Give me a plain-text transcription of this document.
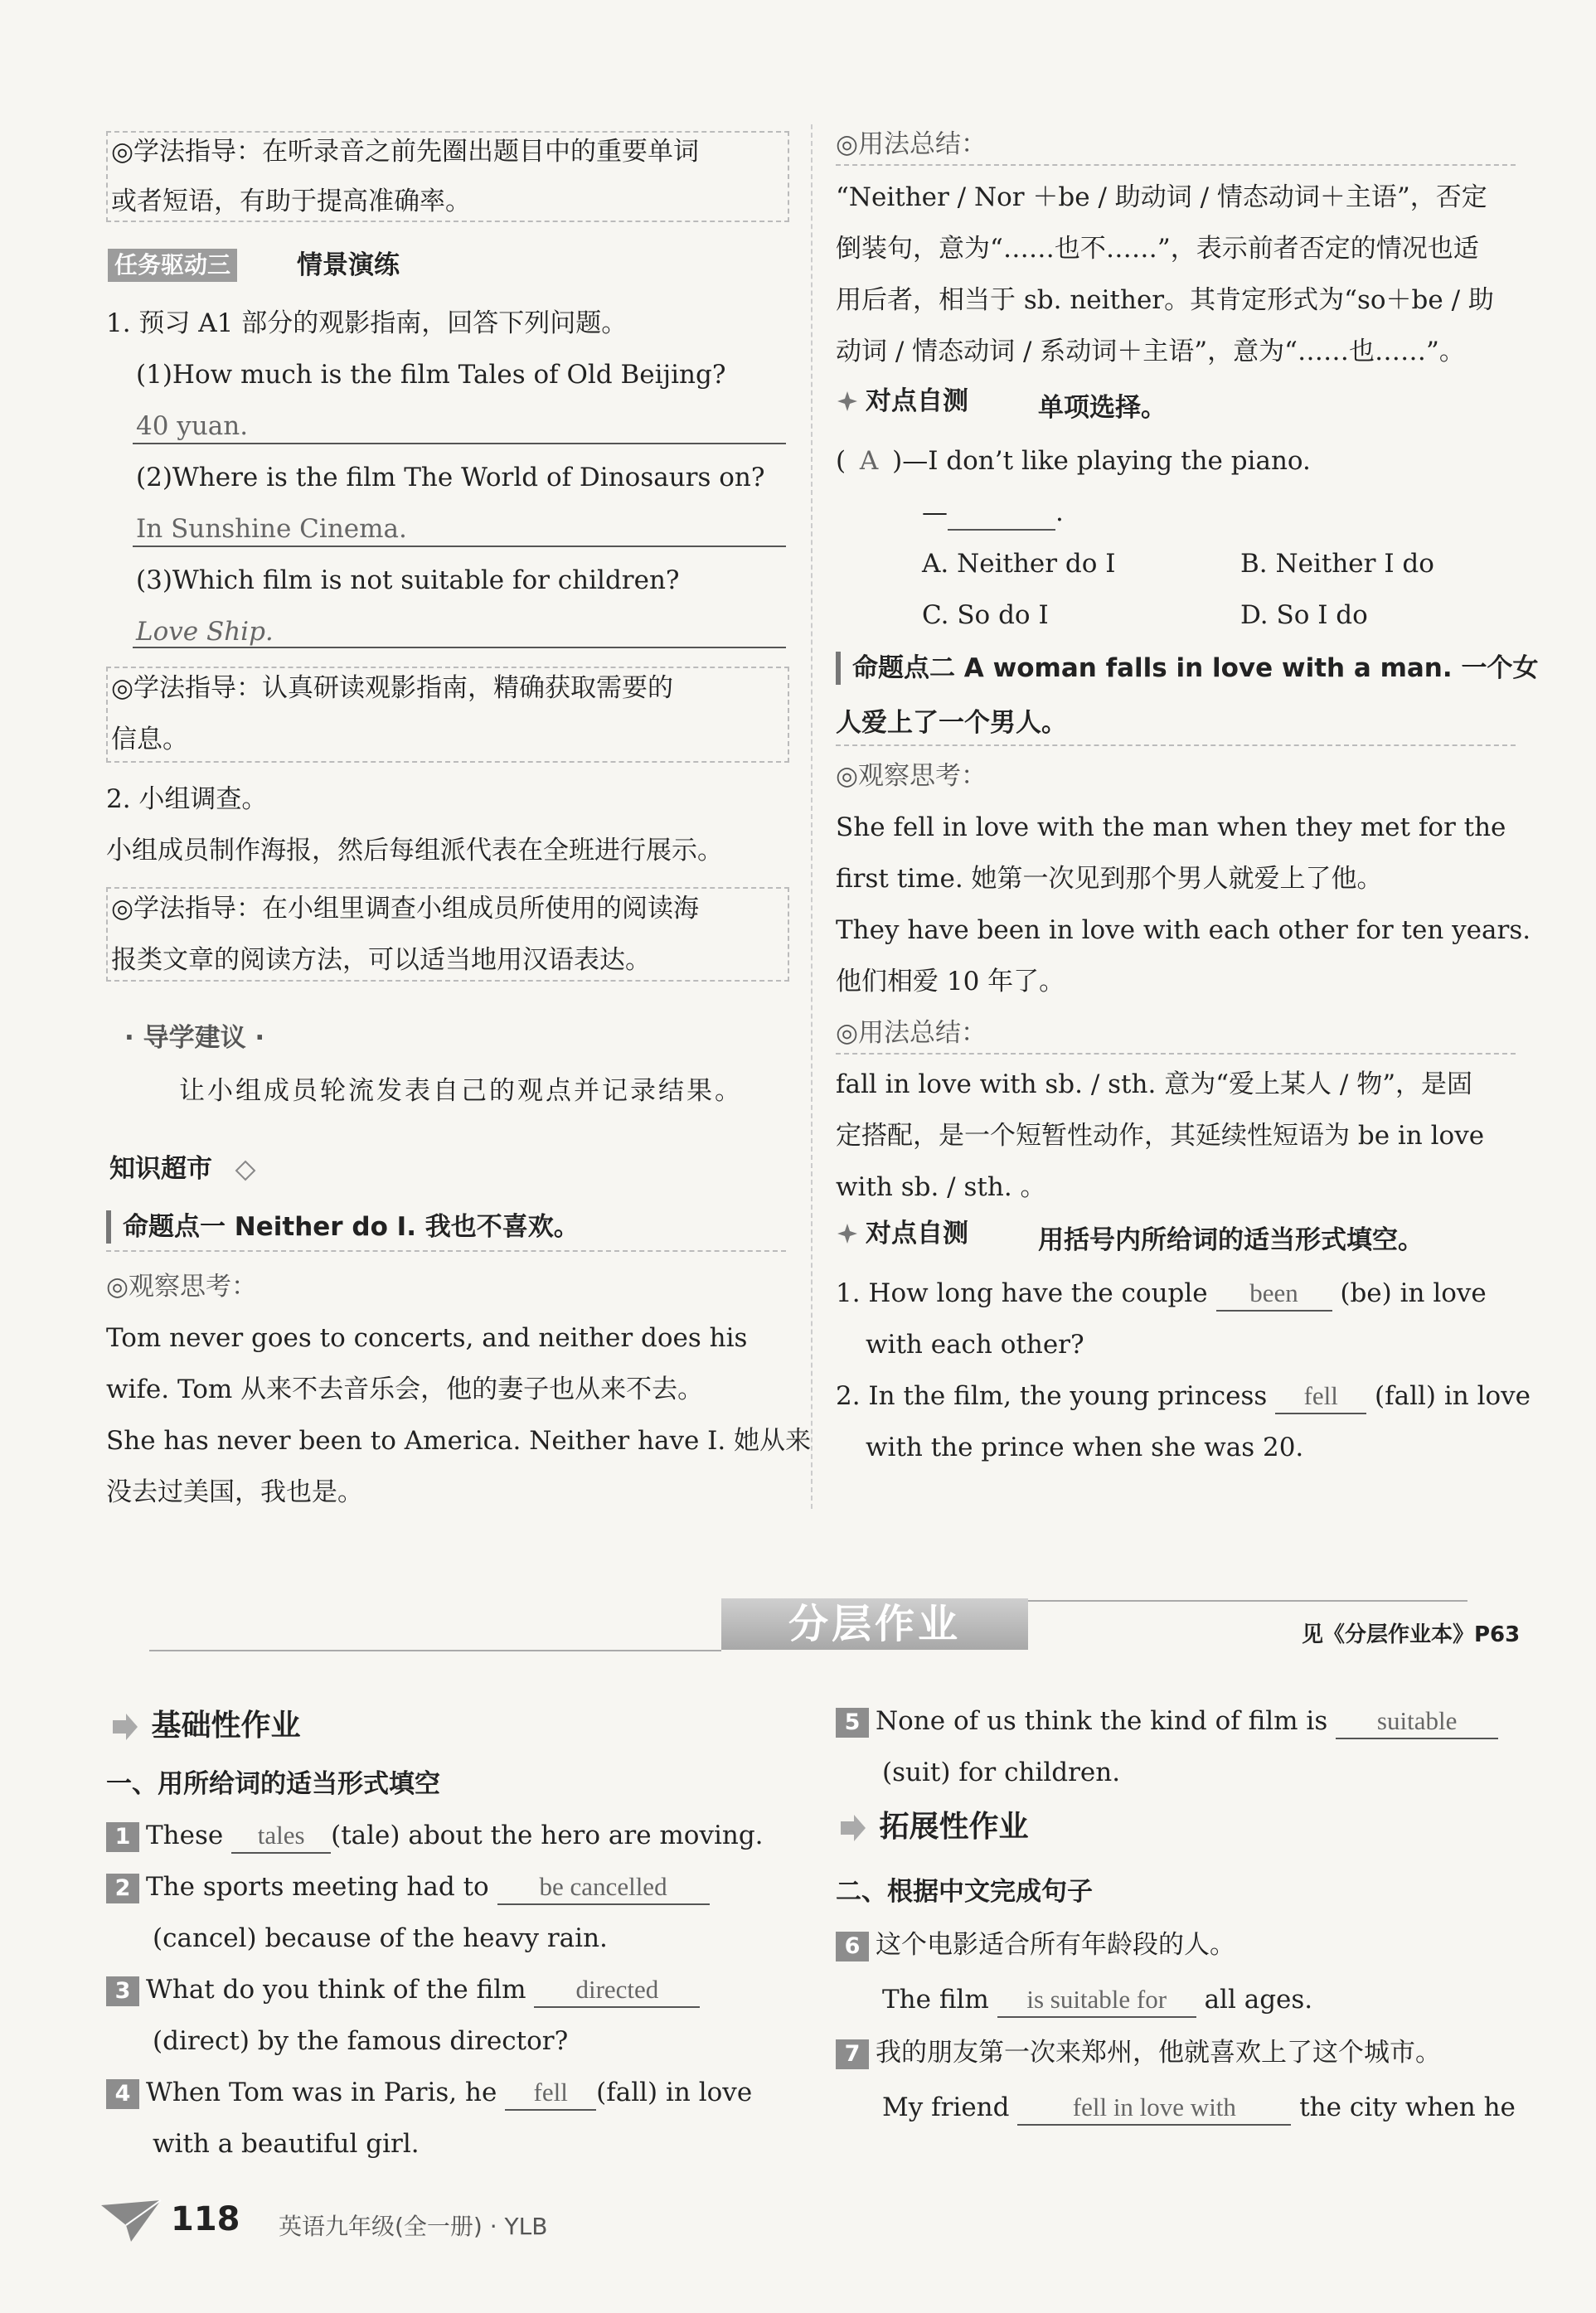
◎学法指导：在听录音之前先圈出题目中的重要单词
或者短语，有助于提高准确率。
任务驱动三	情景演练
1. 预习 A1 部分的观影指南，回答下列问题。
(1)How much is the film Tales of Old Beijing?
40 yuan.
(2)Where is the film The World of Dinosaurs on?
In Sunshine Cinema.
(3)Which film is not suitable for children?
Love Ship.
◎学法指导：认真研读观影指南，精确获取需要的
信息。
2. 小组调查。
小组成员制作海报，然后每组派代表在全班进行展示。
◎学法指导：在小组里调查小组成员所使用的阅读海
报类文章的阅读方法，可以适当地用汉语表达。
· 导学建议 ·
让小组成员轮流发表自己的观点并记录结果。
知识超市
命题点一 Neither do I. 我也不喜欢。
◎观察思考：
Tom never goes to concerts, and neither does his
wife. Tom 从来不去音乐会，他的妻子也从来不去。
She has never been to America. Neither have I. 她从来
没去过美国，我也是。
◎用法总结：
“Neither / Nor ＋be / 助动词 / 情态动词＋主语”，否定
倒装句，意为“……也不……”，表示前者否定的情况也适
用后者，相当于 sb. neither。其肯定形式为“so＋be / 助
动词 / 情态动词 / 系动词＋主语”，意为“……也……”。
对点自测	单项选择。
( A )—I don’t like playing the piano.
—	.
A. Neither do I	B. Neither I do
C. So do I	D. So I do
命题点二 A woman falls in love with a man. 一个女
人爱上了一个男人。
◎观察思考：
She fell in love with the man when they met for the
first time. 她第一次见到那个男人就爱上了他。
They have been in love with each other for ten years.
他们相爱 10 年了。
◎用法总结：
fall in love with sb. / sth. 意为“爱上某人 / 物”，是固
定搭配，是一个短暂性动作，其延续性短语为 be in love
with sb. / sth. 。
对点自测	用括号内所给词的适当形式填空。
1. How long have the couple been (be) in love
with each other?
2. In the film, the young princess fell (fall) in love
with the prince when she was 20.
分层作业	见《分层作业本》P63
基础性作业
一、用所给词的适当形式填空
1 These tales (tale) about the hero are moving.
2 The sports meeting had to be cancelled
(cancel) because of the heavy rain.
3 What do you think of the film directed
(direct) by the famous director?
4 When Tom was in Paris, he fell (fall) in love
with a beautiful girl.
5 None of us think the kind of film is suitable
(suit) for children.
拓展性作业
二、根据中文完成句子
6 这个电影适合所有年龄段的人。
The film is suitable for all ages.
7 我的朋友第一次来郑州，他就喜欢上了这个城市。
My friend fell in love with the city when he
118 英语九年级(全一册) · YLB
